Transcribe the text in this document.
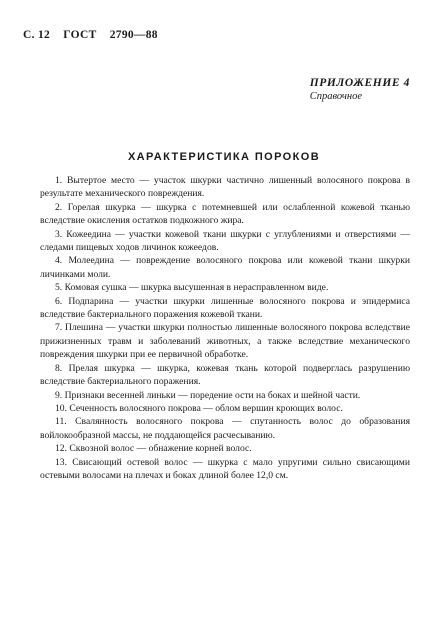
С. 12 ГОСТ 2790—88
ПРИЛОЖЕНИЕ 4
Справочное
ХАРАКТЕРИСТИКА ПОРОКОВ

1. Вытертое место — участок шкурки частично лишенный волосяного покрова в результате механического повреждения.

2. Горелая шкурка — шкурка с потемневшей или ослабленной кожевой тканью вследствие окисления остатков подкожного жира.

3. Кожеедина — участки кожевой ткани шкурки с углублениями и отверстиями — следами пищевых ходов личинок кожеедов.

4. Молеедина — повреждение волосяного покрова или кожевой ткани шкурки личинками моли.

5. Комовая сушка — шкурка высушенная в нерасправленном виде.

6. Подпарина — участки шкурки лишенные волосяного покрова и эпидермиса вследствие бактериального поражения кожевой ткани.

7. Плешина — участки шкурки полностью лишенные волосяного покрова вследствие прижизненных травм и заболеваний животных, а также вследствие механического повреждения шкурки при ее первичной обработке.

8. Прелая шкурка — шкурка, кожевая ткань которой подверглась разрушению вследствие бактериального поражения.

9. Признаки весенней линьки — поредение ости на боках и шейной части.

10. Сеченность волосяного покрова — облом вершин кроющих волос.

11. Свалянность волосяного покрова — спутанность волос до образования войлокообразной массы, не поддающейся расчесыванию.

12. Сквозной волос — обнажение корней волос.

13. Свисающий остевой волос — шкурка с мало упругими сильно свисающими остевыми волосами на плечах и боках длиной более 12,0 см.
